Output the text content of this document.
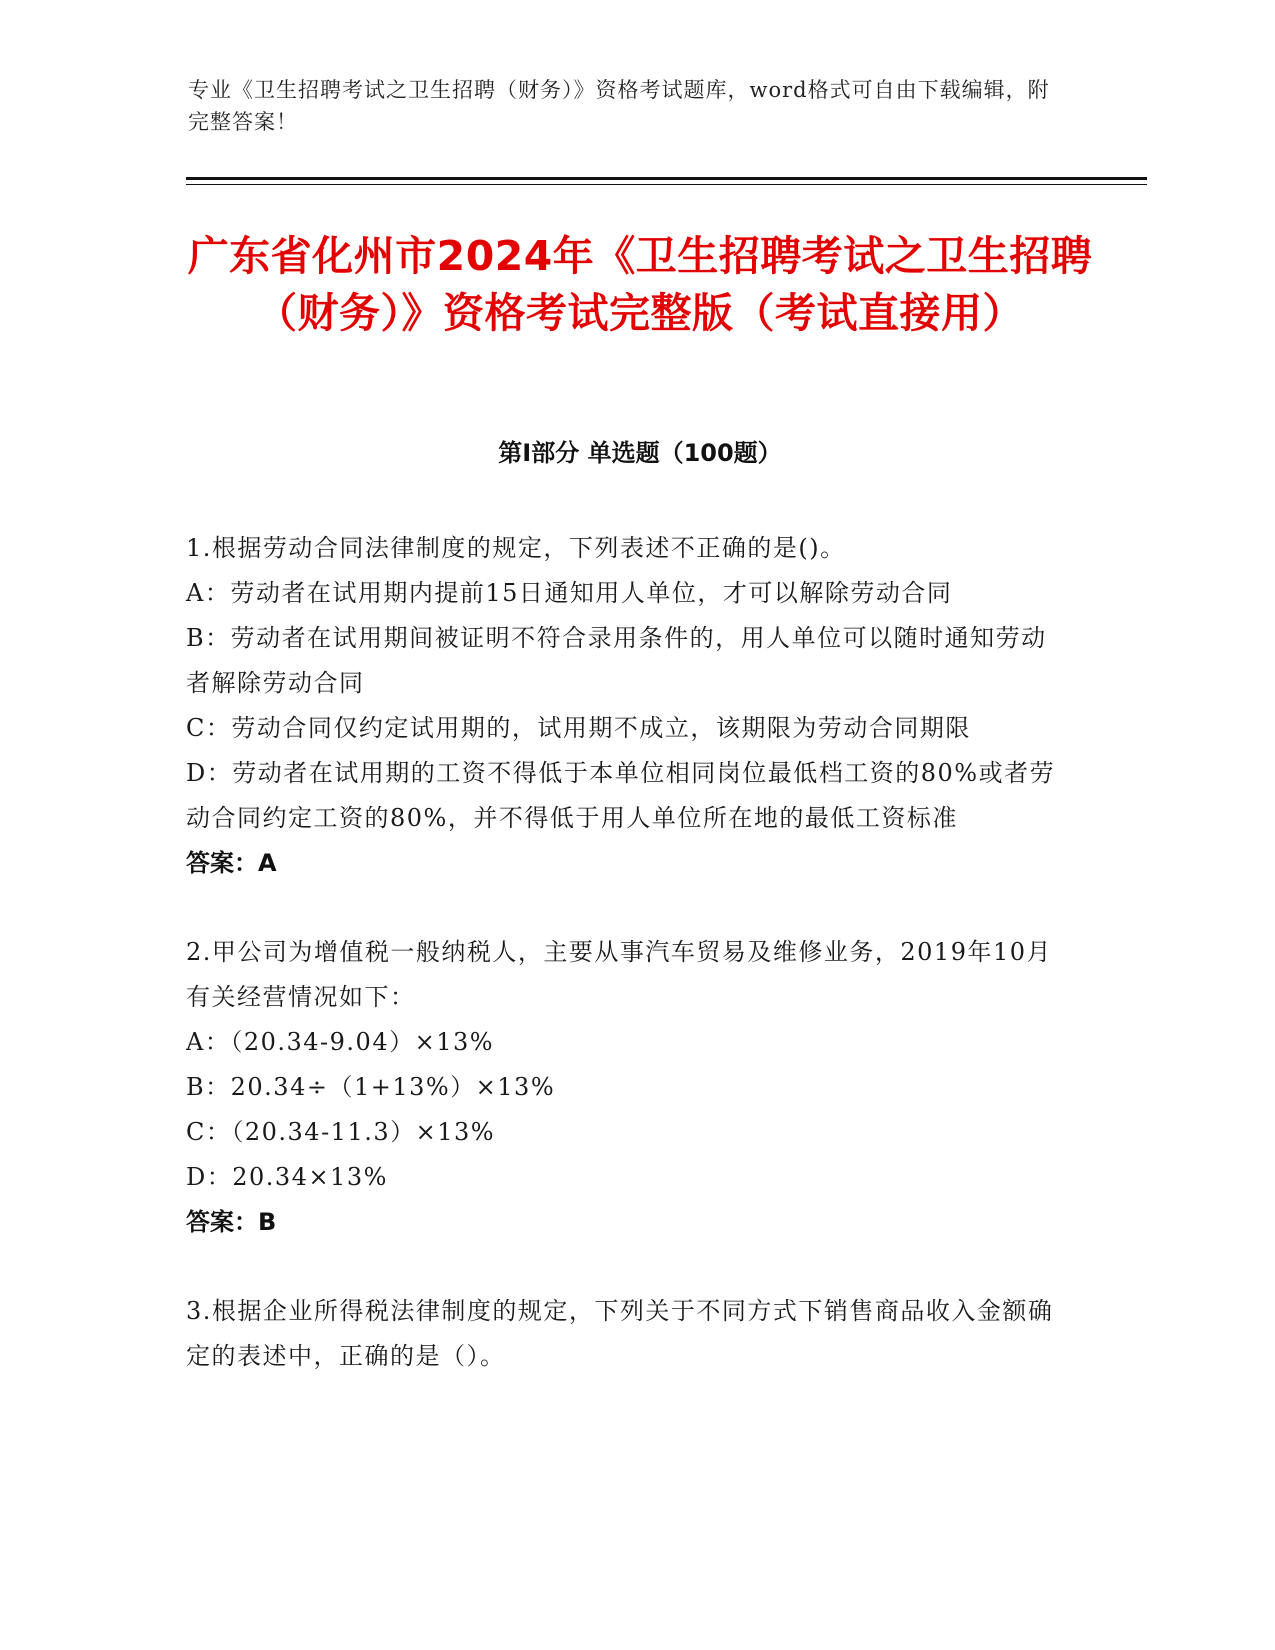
专业《卫生招聘考试之卫生招聘（财务）》资格考试题库，word格式可自由下载编辑，附完整答案！
广东省化州市2024年《卫生招聘考试之卫生招聘（财务）》资格考试完整版（考试直接用）
第I部分 单选题（100题）

1.根据劳动合同法律制度的规定，下列表述不正确的是()。

A：劳动者在试用期内提前15日通知用人单位，才可以解除劳动合同

B：劳动者在试用期间被证明不符合录用条件的，用人单位可以随时通知劳动者解除劳动合同

C：劳动合同仅约定试用期的，试用期不成立，该期限为劳动合同期限

D：劳动者在试用期的工资不得低于本单位相同岗位最低档工资的80%或者劳动合同约定工资的80%，并不得低于用人单位所在地的最低工资标准

答案：A

2.甲公司为增值税一般纳税人，主要从事汽车贸易及维修业务，2019年10月有关经营情况如下：

A：（20.34-9.04）×13%

B：20.34÷（1+13%）×13%

C：（20.34-11.3）×13%

D：20.34×13%

答案：B

3.根据企业所得税法律制度的规定，下列关于不同方式下销售商品收入金额确定的表述中，正确的是（）。
